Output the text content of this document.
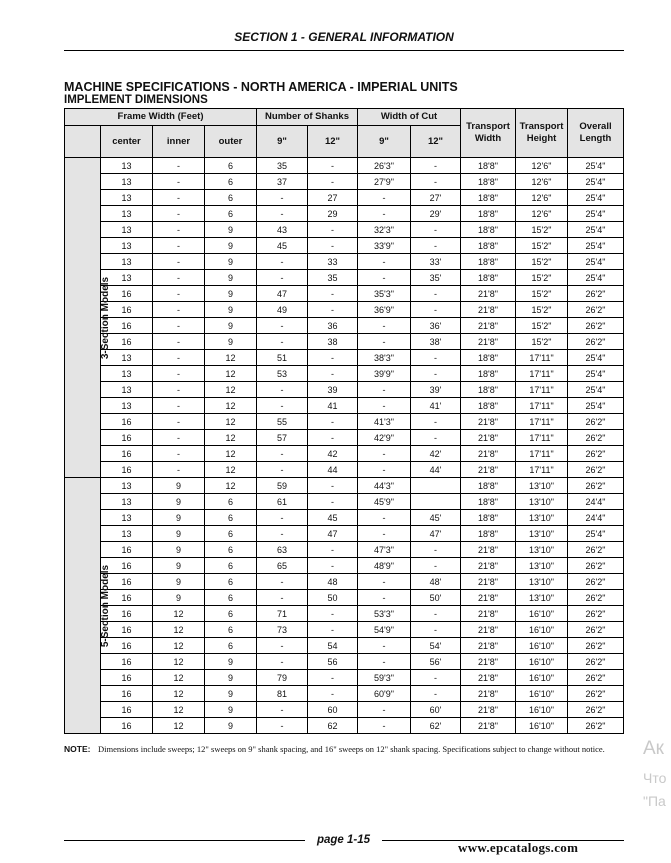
SECTION 1 - GENERAL INFORMATION
MACHINE SPECIFICATIONS - NORTH AMERICA - IMPERIAL UNITS
IMPLEMENT DIMENSIONS
Frame Width (Feet)				Number of Shanks		Width of Cut		Transport Width	Transport Height	Overall Length
	center	inner	outer	9"	12"	9"	12"			
3-Section Models	13	-	6	35	-	26'3"	-	18'8"	12'6"	25'4"
	13	-	6	37	-	27'9"	-	18'8"	12'6"	25'4"
	13	-	6	-	27	-	27'	18'8"	12'6"	25'4"
	13	-	6	-	29	-	29'	18'8"	12'6"	25'4"
	13	-	9	43	-	32'3"	-	18'8"	15'2"	25'4"
	13	-	9	45	-	33'9"	-	18'8"	15'2"	25'4"
	13	-	9	-	33	-	33'	18'8"	15'2"	25'4"
	13	-	9	-	35	-	35'	18'8"	15'2"	25'4"
	16	-	9	47	-	35'3"	-	21'8"	15'2"	26'2"
	16	-	9	49	-	36'9"	-	21'8"	15'2"	26'2"
	16	-	9	-	36	-	36'	21'8"	15'2"	26'2"
	16	-	9	-	38	-	38'	21'8"	15'2"	26'2"
	13	-	12	51	-	38'3"	-	18'8"	17'11"	25'4"
	13	-	12	53	-	39'9"	-	18'8"	17'11"	25'4"
	13	-	12	-	39	-	39'	18'8"	17'11"	25'4"
	13	-	12	-	41	-	41'	18'8"	17'11"	25'4"
	16	-	12	55	-	41'3"	-	21'8"	17'11"	26'2"
	16	-	12	57	-	42'9"	-	21'8"	17'11"	26'2"
	16	-	12	-	42	-	42'	21'8"	17'11"	26'2"
	16	-	12	-	44	-	44'	21'8"	17'11"	26'2"
5-Section Models	13	9	12	59	-	44'3"		18'8"	13'10"	26'2"
	13	9	6	61	-	45'9"		18'8"	13'10"	24'4"
	13	9	6	-	45	-	45'	18'8"	13'10"	24'4"
	13	9	6	-	47	-	47'	18'8"	13'10"	25'4"
	16	9	6	63	-	47'3"	-	21'8"	13'10"	26'2"
	16	9	6	65	-	48'9"	-	21'8"	13'10"	26'2"
	16	9	6	-	48	-	48'	21'8"	13'10"	26'2"
	16	9	6	-	50	-	50'	21'8"	13'10"	26'2"
	16	12	6	71	-	53'3"	-	21'8"	16'10"	26'2"
	16	12	6	73	-	54'9"	-	21'8"	16'10"	26'2"
	16	12	6	-	54	-	54'	21'8"	16'10"	26'2"
	16	12	9	-	56	-	56'	21'8"	16'10"	26'2"
	16	12	9	79	-	59'3"	-	21'8"	16'10"	26'2"
	16	12	9	81	-	60'9"	-	21'8"	16'10"	26'2"
	16	12	9	-	60	-	60'	21'8"	16'10"	26'2"
	16	12	9	-	62	-	62'	21'8"	16'10"	26'2"
NOTE: Dimensions include sweeps; 12" sweeps on 9" shank spacing, and 16" sweeps on 12" shank spacing. Specifications subject to change without notice.
page 1-15	www.epcatalogs.com
Ак
Что
"Па
